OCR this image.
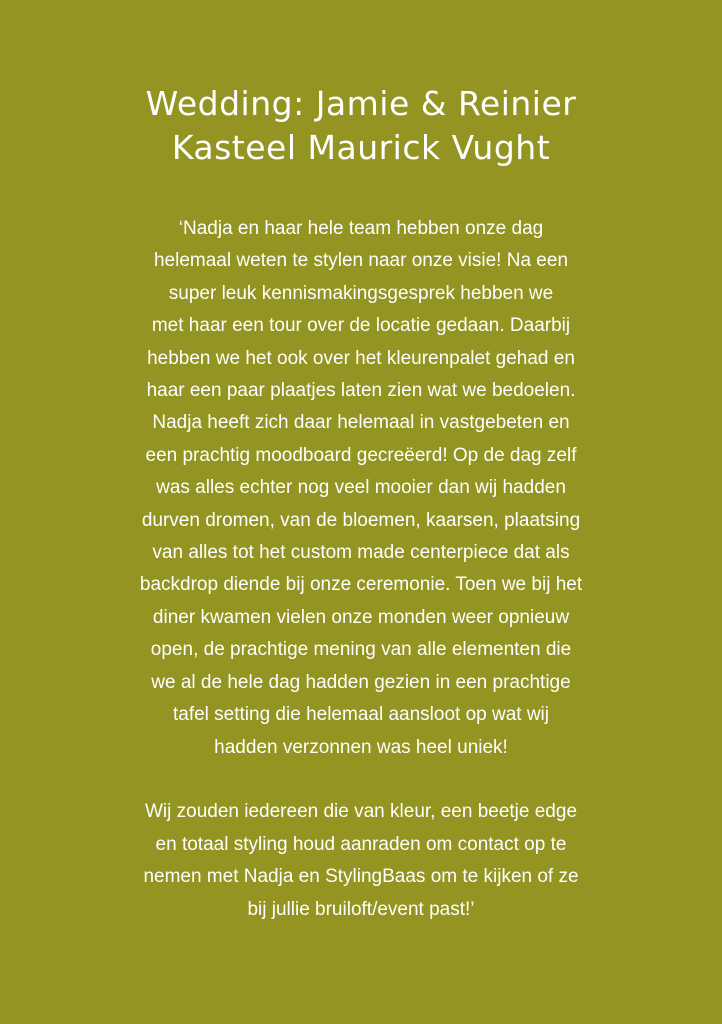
Wedding: Jamie & Reinier
Kasteel Maurick Vught
‘Nadja en haar hele team hebben onze dag
helemaal weten te stylen naar onze visie! Na een
super leuk kennismakingsgesprek hebben we
met haar een tour over de locatie gedaan. Daarbij
hebben we het ook over het kleurenpalet gehad en
haar een paar plaatjes laten zien wat we bedoelen.
Nadja heeft zich daar helemaal in vastgebeten en
een prachtig moodboard gecreëerd! Op de dag zelf
was alles echter nog veel mooier dan wij hadden
durven dromen, van de bloemen, kaarsen, plaatsing
van alles tot het custom made centerpiece dat als
backdrop diende bij onze ceremonie. Toen we bij het
diner kwamen vielen onze monden weer opnieuw
open, de prachtige mening van alle elementen die
we al de hele dag hadden gezien in een prachtige
tafel setting die helemaal aansloot op wat wij
hadden verzonnen was heel uniek!
Wij zouden iedereen die van kleur, een beetje edge
en totaal styling houd aanraden om contact op te
nemen met Nadja en StylingBaas om te kijken of ze
bij jullie bruiloft/event past!’
